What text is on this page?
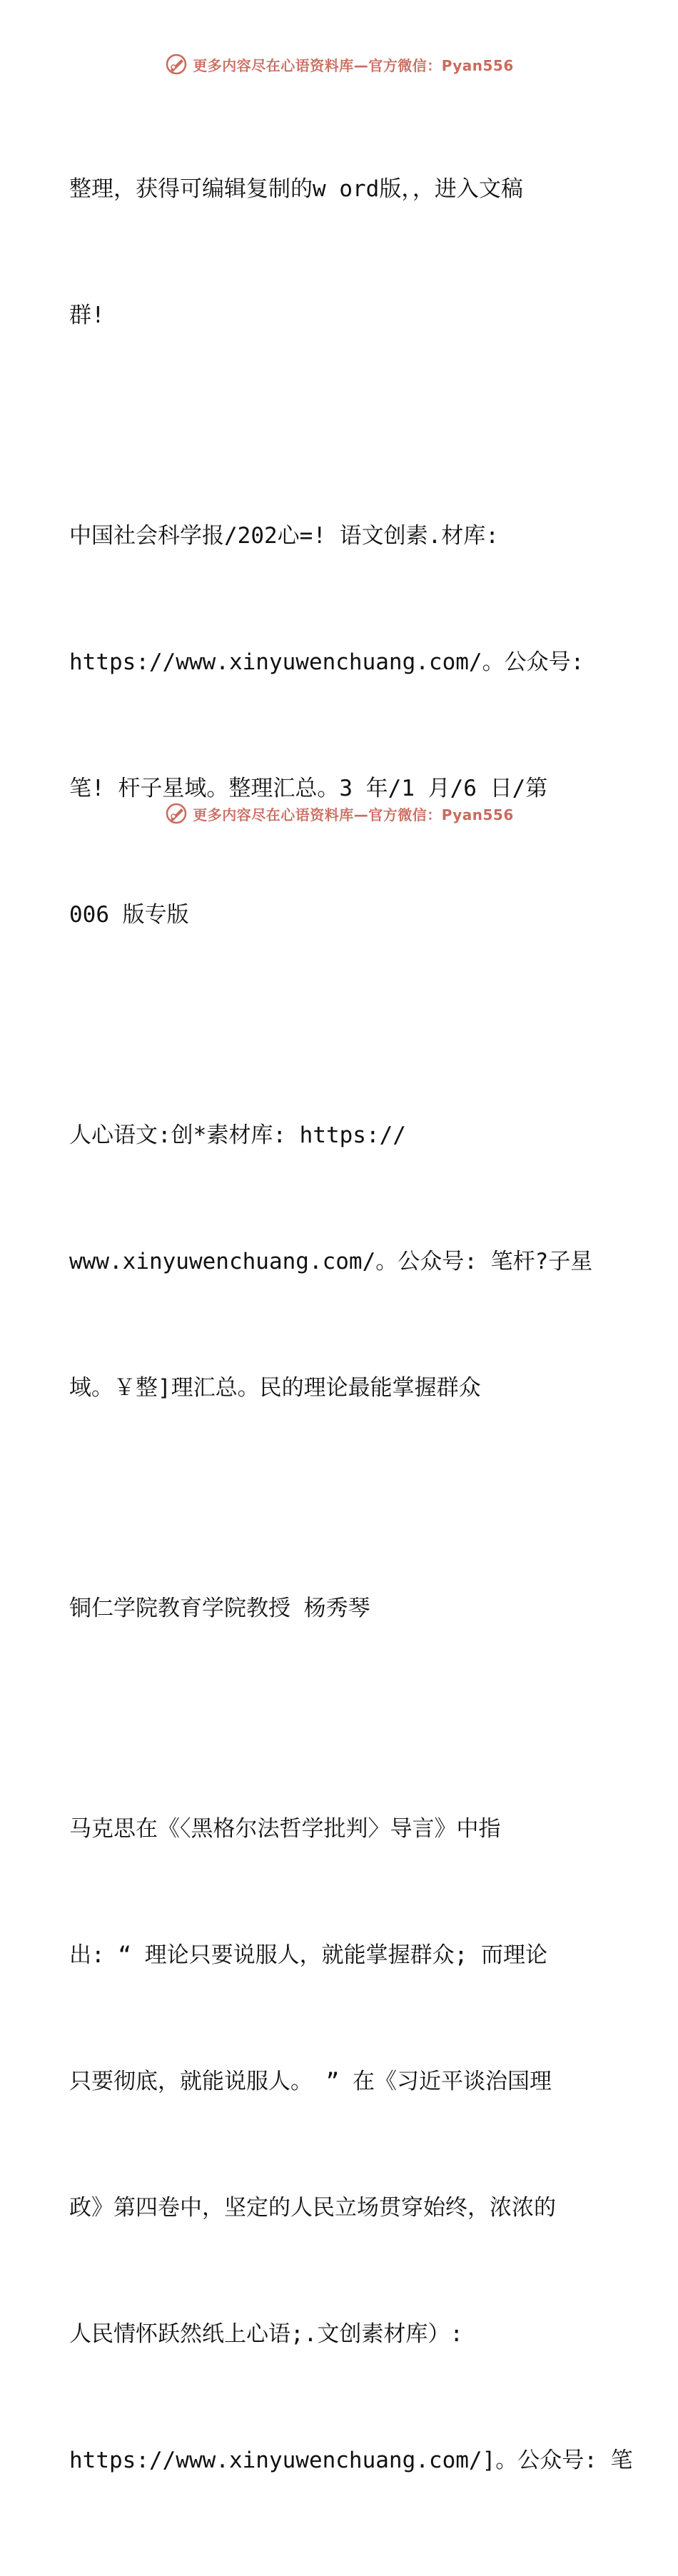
更多内容尽在心语资料库—官方微信：Pyan556

整理，获得可编辑复制的w ord版，，进入文稿

群!

中国社会科学报/202心=! 语文创素.材库:

https://www.xinyuwenchuang.com/。公众号:

笔! 杆子星域。整理汇总。3 年/1 月/6 日/第

006 版专版

人心语文:创*素材库: https://

www.xinyuwenchuang.com/。公众号: 笔杆?子星

域。￥整]理汇总。民的理论最能掌握群众

铜仁学院教育学院教授 杨秀琴

马克思在《〈黑格尔法哲学批判〉导言》中指

出: “ 理论只要说服人，就能掌握群众; 而理论

只要彻底，就能说服人。 ” 在《习近平谈治国理

政》第四卷中，坚定的人民立场贯穿始终，浓浓的

人民情怀跃然纸上心语;.文创素材库）:

https://www.xinyuwenchuang.com/]。公众号: 笔

更多内容尽在心语资料库—官方微信：Pyan556
